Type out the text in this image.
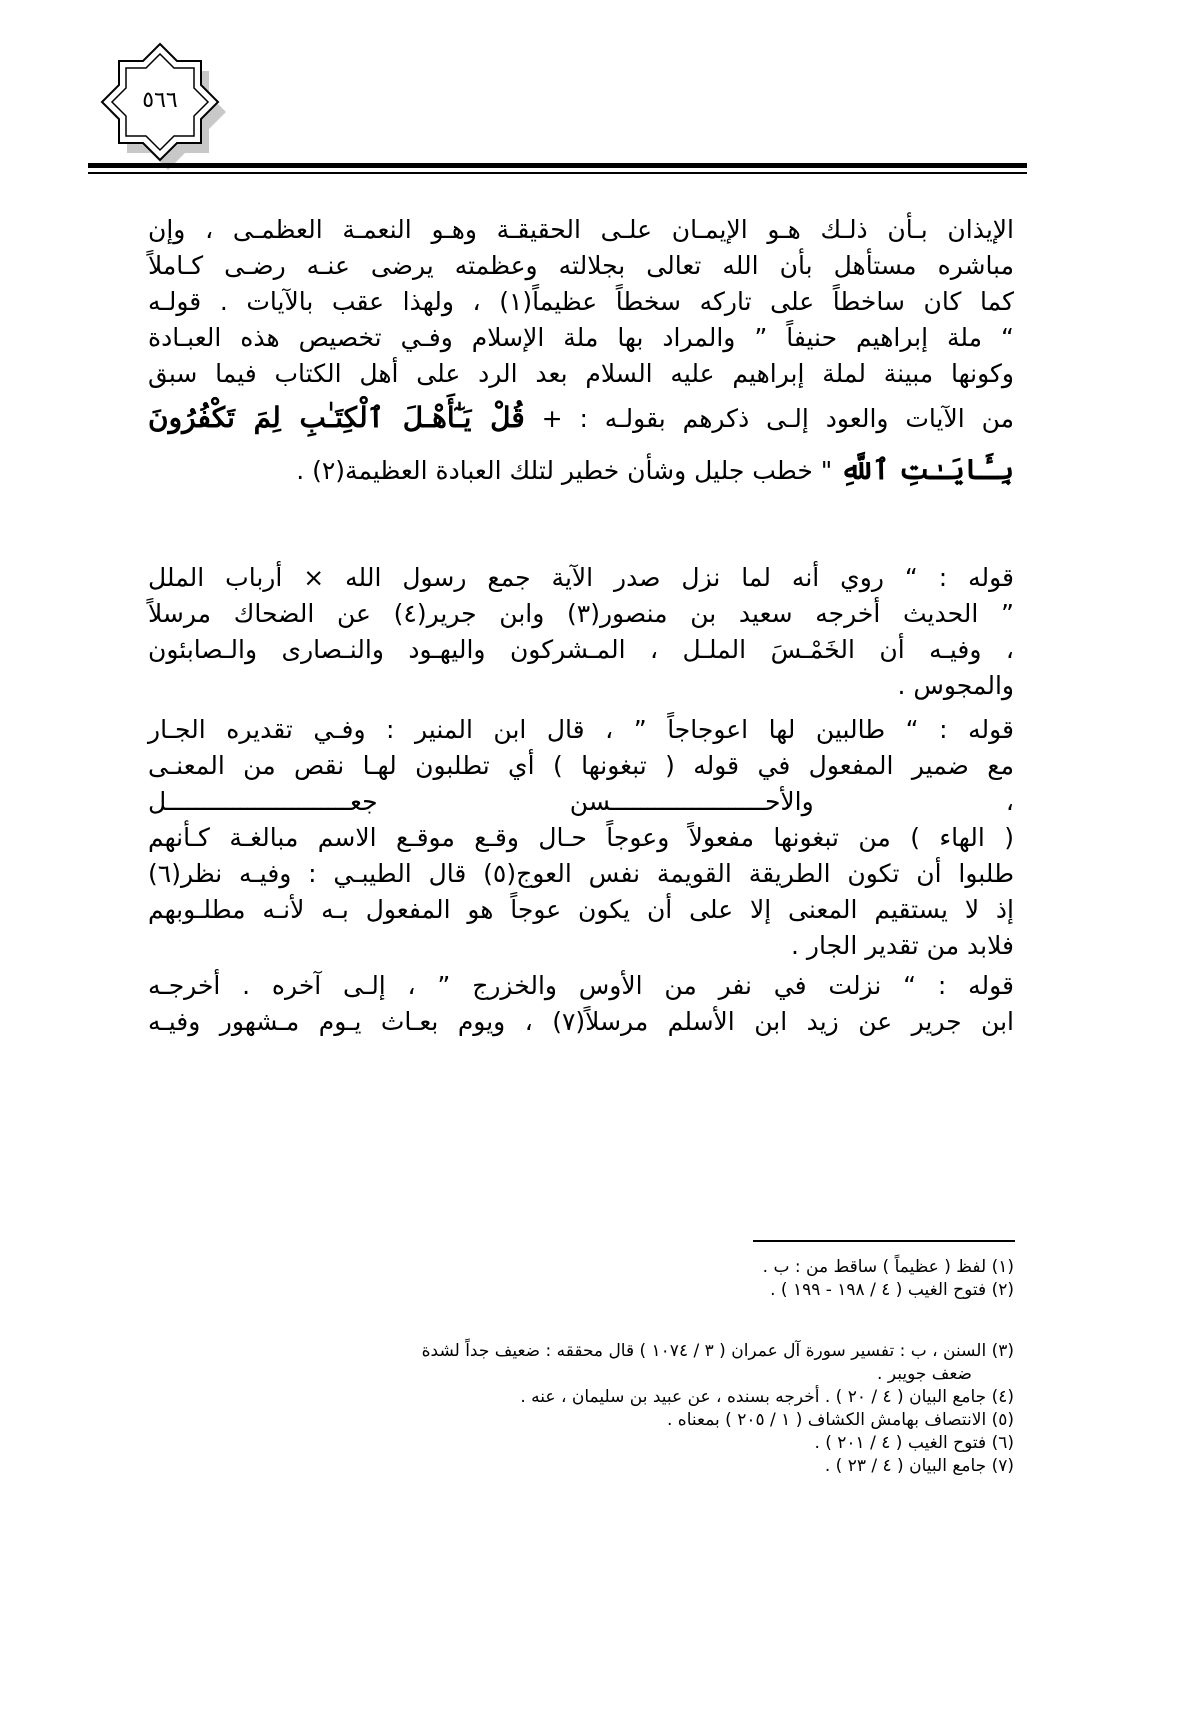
٥٦٦
الإيذان بـأن ذلـك هـو الإيمـان علـى الحقيقـة وهـو النعمـة العظمـى ، وإن
مباشره مستأهل بأن الله تعالى بجلالته وعظمته يرضى عنـه رضـى كـاملاً
كما كان ساخطاً على تاركه سخطاً عظيماً(١) ، ولهذا عقب بالآيات . قولـه
“ ملة إبراهيم حنيفاً ” والمراد بها ملة الإسلام وفـي تخصيص هذه العبـادة
وكونها مبينة لملة إبراهيم عليه السلام بعد الرد على أهل الكتاب فيما سبق
من الآيات والعود إلـى ذكرهم بقولـه : + قُلْ يَـٰٓأَهْـلَ ٱلْكِتَـٰبِ لِمَ تَكْفُرُونَ
بِـَٔايَـٰتِ ٱللَّهِ " خطب جليل وشأن خطير لتلك العبادة العظيمة(٢) .
قوله : “ روي أنه لما نزل صدر الآية جمع رسول الله × أرباب الملل
” الحديث أخرجه سعيد بن منصور(٣) وابن جرير(٤) عن الضحاك مرسلاً
، وفيـه أن الخَمْـسَ الملـل ، المـشركون واليهـود والنـصارى والـصابئون
والمجوس .
قوله : “ طالبين لها اعوجاجاً ” ، قال ابن المنير : وفـي تقديره الجـار
مع ضمير المفعول في قوله ( تبغونها ) أي تطلبون لهـا نقص من المعنـى
، والأحـــــــــــــــــــــسن جعـــــــــــــــــــــــــل
( الهاء ) من تبغونها مفعولاً وعوجاً حـال وقـع موقـع الاسم مبالغـة كـأنهم
طلبوا أن تكون الطريقة القويمة نفس العوج(٥) قال الطيبـي : وفيـه نظر(٦)
إذ لا يستقيم المعنى إلا على أن يكون عوجاً هو المفعول بـه لأنـه مطلـوبهم
فلابد من تقدير الجار .
قوله : “ نزلت في نفر من الأوس والخزرج ” ، إلـى آخره . أخرجـه
ابن جرير عن زيد ابن الأسلم مرسلاً(٧) ، ويوم بعـاث يـوم مـشهور وفيـه
(١) لفظ ( عظيماً ) ساقط من : ب .
(٢) فتوح الغيب ( ٤ / ١٩٨ - ١٩٩ ) .
(٣) السنن ، ب : تفسير سورة آل عمران ( ٣ / ١٠٧٤ ) قال محققه : ضعيف جداً لشدة
ضعف جويبر .
(٤) جامع البيان ( ٤ / ٢٠ ) . أخرجه بسنده ، عن عبيد بن سليمان ، عنه .
(٥) الانتصاف بهامش الكشاف ( ١ / ٢٠٥ ) بمعناه .
(٦) فتوح الغيب ( ٤ / ٢٠١ ) .
(٧) جامع البيان ( ٤ / ٢٣ ) .
